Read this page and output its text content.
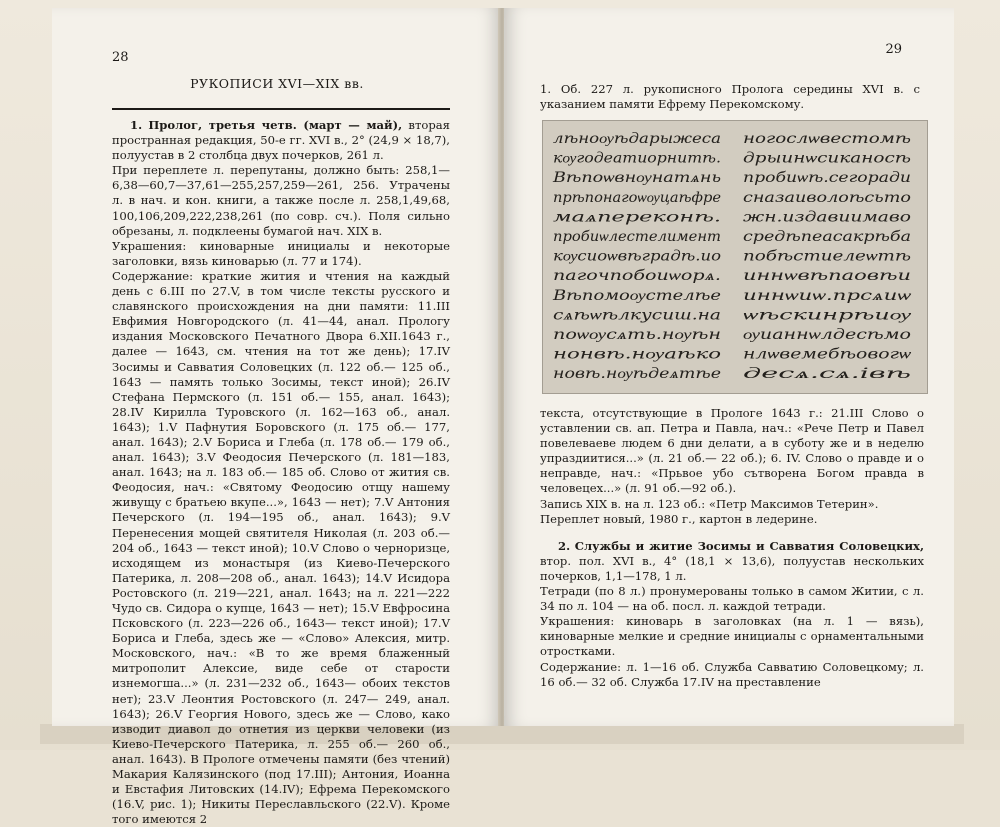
28
РУКОПИСИ XVI—XIX вв.

1. Пролог, третья четв. (март — май), вторая пространная редакция, 50-е гг. XVI в., 2° (24,9 × 18,7), полуустав в 2 столбца двух почерков, 261 л.

При переплете л. перепутаны, должно быть: 258,1—6,38—60,7—37,61—255,257,259—261, 256. Утрачены л. в нач. и кон. книги, а также после л. 258,1,49,68, 100,106,209,222,238,261 (по совр. сч.). Поля сильно обрезаны, л. подклеены бумагой нач. XIX в.

Украшения: киноварные инициалы и некоторые заголовки, вязь киноварью (л. 77 и 174).

Содержание: краткие жития и чтения на каждый день с 6.III по 27.V, в том числе тексты русского и славянского происхождения на дни памяти: 11.III Евфимия Новгородского (л. 41—44, анал. Прологу издания Московского Печатного Двора 6.XII.1643 г., далее — 1643, см. чтения на тот же день); 17.IV Зосимы и Савватия Соловецких (л. 122 об.— 125 об., 1643 — память только Зосимы, текст иной); 26.IV Стефана Пермского (л. 151 об.— 155, анал. 1643); 28.IV Кирилла Туровского (л. 162—163 об., анал. 1643); 1.V Пафнутия Боровского (л. 175 об.— 177, анал. 1643); 2.V Бориса и Глеба (л. 178 об.— 179 об., анал. 1643); 3.V Феодосия Печерского (л. 181—183, анал. 1643; на л. 183 об.— 185 об. Слово от жития св. Феодосия, нач.: «Святому Феодосию отщу нашему живущу с братьею вкупе...», 1643 — нет); 7.V Антония Печерского (л. 194—195 об., анал. 1643); 9.V Перенесения мощей святителя Николая (л. 203 об.— 204 об., 1643 — текст иной); 10.V Слово о черноризце, исходящем из монастыря (из Киево-Печерского Патерика, л. 208—208 об., анал. 1643); 14.V Исидора Ростовского (л. 219—221, анал. 1643; на л. 221—222 Чудо св. Сидора о купце, 1643 — нет); 15.V Евфросина Псковского (л. 223—226 об., 1643— текст иной); 17.V Бориса и Глеба, здесь же — «Слово» Алексия, митр. Московского, нач.: «В то же время блаженный митрополит Алексие, виде себе от старости изнемогша...» (л. 231—232 об., 1643— обоих текстов нет); 23.V Леонтия Ростовского (л. 247— 249, анал. 1643); 26.V Георгия Нового, здесь же — Слово, како изводит диавол до отнетия из церкви человеки (из Киево-Печерского Патерика, л. 255 об.— 260 об., анал. 1643). В Прологе отмечены памяти (без чтений) Макария Калязинского (под 17.III); Антония, Иоанна и Евстафия Литовских (14.IV); Ефрема Перекомского (16.V, рис. 1); Никиты Переславльского (22.V). Кроме того имеются 2

29
1. Об. 227 л. рукописного Пролога середины XVI в. с указанием памяти Ефрему Перекомскому.
лѣноѹѣдарыжеса
кѹгодеатиорнитѣ.
Вѣпоѡвнѹнатѧнь
прѣпонагоѡѹцаѣфре
маѧпереконѣ.
пробиѡлестелимент
кѹсиоѡвѣградѣ.ио
пагочпобоиѡорѧ.
Вѣпомоѹстелѣе
сѧѣѡѣлкусиш.на
поѡѹсѧть.нѹѣн
нонвѣ.нѹаѣко
новѣ.нѹѣдеѧтѣе
ногослѡвестомѣ
дрыинѡсиканосѣ
пробиѡѣ.сегоради
сназаиволоѣсьто
жн.издавиимаво
средѣпеасакрѣба
побѣстиелеѡтѣ
иннѡвѣпаовѣи
иннѡиѡ.прсѧиѡ
ѡѣскинрѣиѹ
ѹианнѡлдесѣмо
нлѡвемебѣовогѡ
десѧ.сѧ.івѣ

текста, отсутствующие в Прологе 1643 г.: 21.III Слово о уставлении св. ап. Петра и Павла, нач.: «Рече Петр и Павел повелеваеве людем 6 дни делати, а в суботу же и в неделю упраздиитися...» (л. 21 об.— 22 об.); 6. IV. Слово о правде и о неправде, нач.: «Прьвое убо сътворена Богом правда в человецех...» (л. 91 об.—92 об.).

Запись XIX в. на л. 123 об.: «Петр Максимов Тетерин».

Переплет новый, 1980 г., картон в ледерине.

2. Службы и житие Зосимы и Савватия Соловецких, втор. пол. XVI в., 4° (18,1 × 13,6), полуустав нескольких почерков, 1,1—178, 1 л.

Тетради (по 8 л.) пронумерованы только в самом Житии, с л. 34 по л. 104 — на об. посл. л. каждой тетради.

Украшения: киноварь в заголовках (на л. 1 — вязь), киноварные мелкие и средние инициалы с орнаментальными отростками.

Содержание: л. 1—16 об. Служба Савватию Соловецкому; л. 16 об.— 32 об. Служба 17.IV на преставление
